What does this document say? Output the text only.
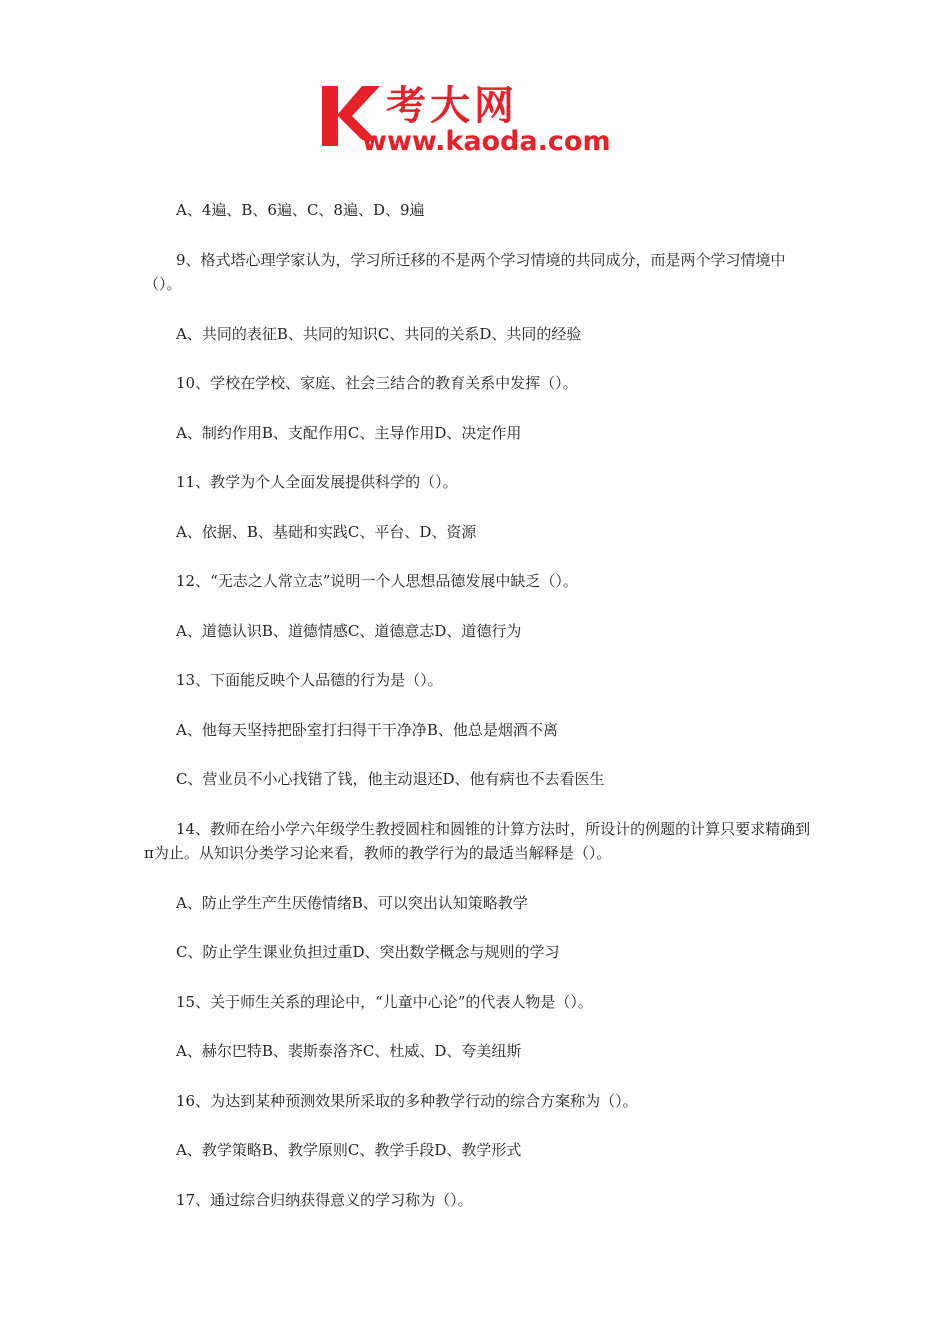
考大网
www.kaoda.com

A、4遍、B、6遍、C、8遍、D、9遍

9、格式塔心理学家认为，学习所迁移的不是两个学习情境的共同成分，而是两个学习情境中（）。

A、共同的表征B、共同的知识C、共同的关系D、共同的经验

10、学校在学校、家庭、社会三结合的教育关系中发挥（）。

A、制约作用B、支配作用C、主导作用D、决定作用

11、教学为个人全面发展提供科学的（）。

A、依据、B、基础和实践C、平台、D、资源

12、“无志之人常立志”说明一个人思想品德发展中缺乏（）。

A、道德认识B、道德情感C、道德意志D、道德行为

13、下面能反映个人品德的行为是（）。

A、他每天坚持把卧室打扫得干干净净B、他总是烟酒不离

C、营业员不小心找错了钱，他主动退还D、他有病也不去看医生

14、教师在给小学六年级学生教授圆柱和圆锥的计算方法时，所设计的例题的计算只要求精确到π为止。从知识分类学习论来看，教师的教学行为的最适当解释是（）。

A、防止学生产生厌倦情绪B、可以突出认知策略教学

C、防止学生课业负担过重D、突出数学概念与规则的学习

15、关于师生关系的理论中，“儿童中心论”的代表人物是（）。

A、赫尔巴特B、裴斯泰洛齐C、杜威、D、夸美纽斯

16、为达到某种预测效果所采取的多种教学行动的综合方案称为（）。

A、教学策略B、教学原则C、教学手段D、教学形式

17、通过综合归纳获得意义的学习称为（）。
